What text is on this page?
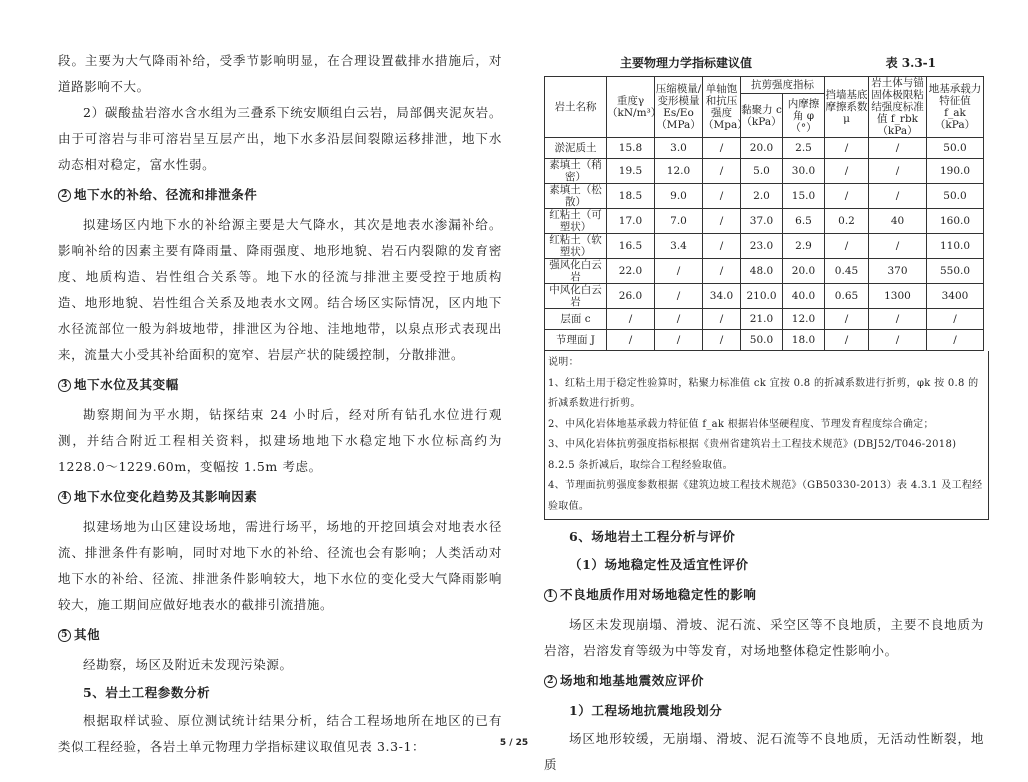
段。主要为大气降雨补给，受季节影响明显，在合理设置截排水措施后，对道路影响不大。

2）碳酸盐岩溶水含水组为三叠系下统安顺组白云岩，局部偶夹泥灰岩。由于可溶岩与非可溶岩呈互层产出，地下水多沿层间裂隙运移排泄，地下水动态相对稳定，富水性弱。

2 地下水的补给、径流和排泄条件

拟建场区内地下水的补给源主要是大气降水，其次是地表水渗漏补给。影响补给的因素主要有降雨量、降雨强度、地形地貌、岩石内裂隙的发育密度、地质构造、岩性组合关系等。地下水的径流与排泄主要受控于地质构造、地形地貌、岩性组合关系及地表水文网。结合场区实际情况，区内地下水径流部位一般为斜坡地带，排泄区为谷地、洼地地带，以泉点形式表现出来，流量大小受其补给面积的宽窄、岩层产状的陡缓控制，分散排泄。

3 地下水位及其变幅

勘察期间为平水期，钻探结束 24 小时后，经对所有钻孔水位进行观测，并结合附近工程相关资料，拟建场地地下水稳定地下水位标高约为 1228.0～1229.60m，变幅按 1.5m 考虑。

4 地下水位变化趋势及其影响因素

拟建场地为山区建设场地，需进行场平，场地的开挖回填会对地表水径流、排泄条件有影响，同时对地下水的补给、径流也会有影响；人类活动对地下水的补给、径流、排泄条件影响较大，地下水位的变化受大气降雨影响较大，施工期间应做好地表水的截排引流措施。

5 其他

经勘察，场区及附近未发现污染源。

5、岩土工程参数分析

根据取样试验、原位测试统计结果分析，结合工程场地所在地区的已有类似工程经验，各岩土单元物理力学指标建议取值见表 3.3-1：

主要物理力学指标建议值	表 3.3-1
岩土名称	重度γ（kN/m³）	压缩模量/变形模量 Es/Eo（MPa）	单轴饱和抗压强度（Mpa）	抗剪强度指标		挡墙基底摩擦系数μ	岩土体与锚固体极限粘结强度标准值 f_rbk（kPa）	地基承载力特征值 f_ak（kPa）
				黏聚力 c（kPa）	内摩擦角 φ（°）			
淤泥质土	15.8	3.0	/	20.0	2.5	/	/	50.0
素填土（稍密）	19.5	12.0	/	5.0	30.0	/	/	190.0
素填土（松散）	18.5	9.0	/	2.0	15.0	/	/	50.0
红粘土（可塑状）	17.0	7.0	/	37.0	6.5	0.2	40	160.0
红粘土（软塑状）	16.5	3.4	/	23.0	2.9	/	/	110.0
强风化白云岩	22.0	/	/	48.0	20.0	0.45	370	550.0
中风化白云岩	26.0	/	34.0	210.0	40.0	0.65	1300	3400
层面 c	/	/	/	21.0	12.0	/	/	/
节理面 J	/	/	/	50.0	18.0	/	/	/
说明：
1、红粘土用于稳定性验算时，粘聚力标准值 ck 宜按 0.8 的折减系数进行折剪，φk 按 0.8 的折减系数进行折剪。
2、中风化岩体地基承载力特征值 f_ak 根据岩体坚硬程度、节理发育程度综合确定；
3、中风化岩体抗剪强度指标根据《贵州省建筑岩土工程技术规范》(DBJ52/T046-2018) 8.2.5 条折减后，取综合工程经验取值。
4、节理面抗剪强度参数根据《建筑边坡工程技术规范》（GB50330-2013）表 4.3.1 及工程经验取值。
6、场地岩土工程分析与评价
（1）场地稳定性及适宜性评价
1 不良地质作用对场地稳定性的影响

场区未发现崩塌、滑坡、泥石流、采空区等不良地质，主要不良地质为岩溶，岩溶发育等级为中等发育，对场地整体稳定性影响小。

2 场地和地基地震效应评价
1）工程场地抗震地段划分

场区地形较缓，无崩塌、滑坡、泥石流等不良地质，无活动性断裂，地质

5 / 25
